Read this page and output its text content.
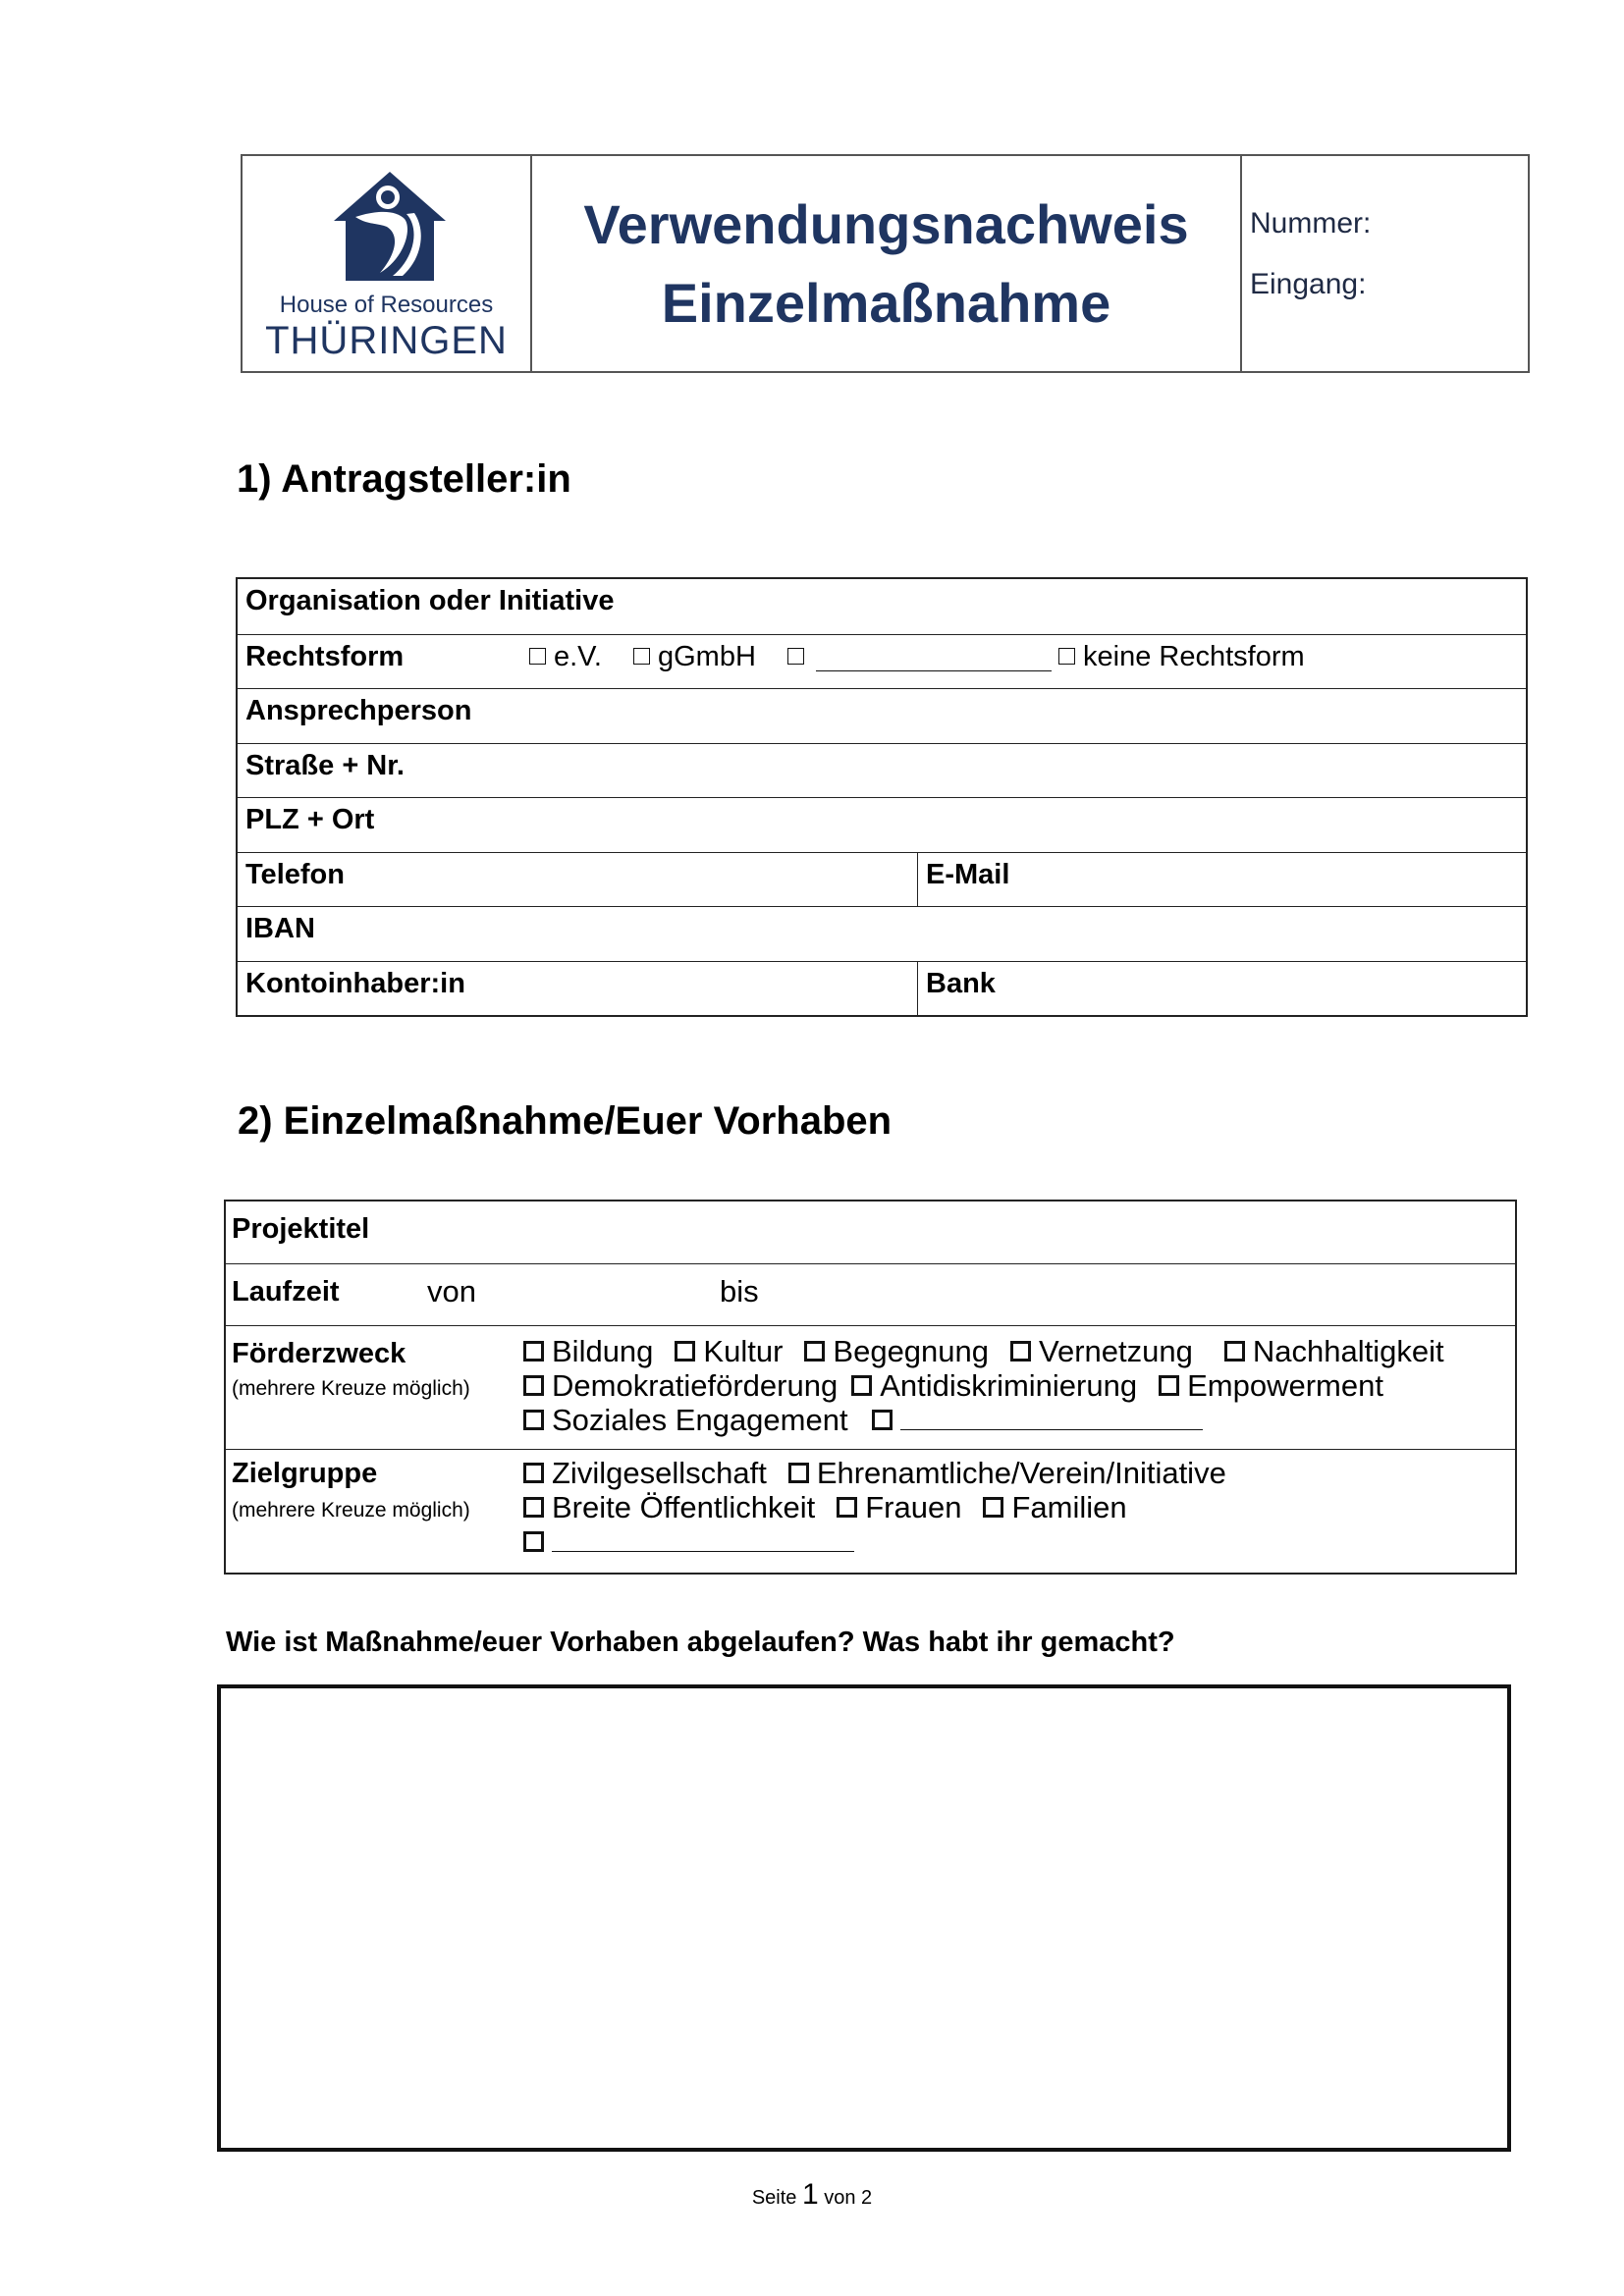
House of Resources
THÜRINGEN
Verwendungsnachweis
Einzelmaßnahme
Nummer:
Eingang:
1) Antragsteller:in
Organisation oder Initiative
Rechtsform	e.V.	gGmbH	keine Rechtsform
Ansprechperson
Straße + Nr.
PLZ + Ort
Telefon	E-Mail
IBAN
Kontoinhaber:in	Bank
2) Einzelmaßnahme/Euer Vorhaben
Projektitel
Laufzeit	von	bis
Förderzweck
(mehrere Kreuze möglich)
Bildung Kultur Begegnung Vernetzung Nachhaltigkeit
Demokratieförderung Antidiskriminierung Empowerment
Soziales Engagement
Zielgruppe
(mehrere Kreuze möglich)
Zivilgesellschaft Ehrenamtliche/Verein/Initiative
Breite Öffentlichkeit Frauen Familien
Wie ist Maßnahme/euer Vorhaben abgelaufen? Was habt ihr gemacht?
Seite 1 von 2
